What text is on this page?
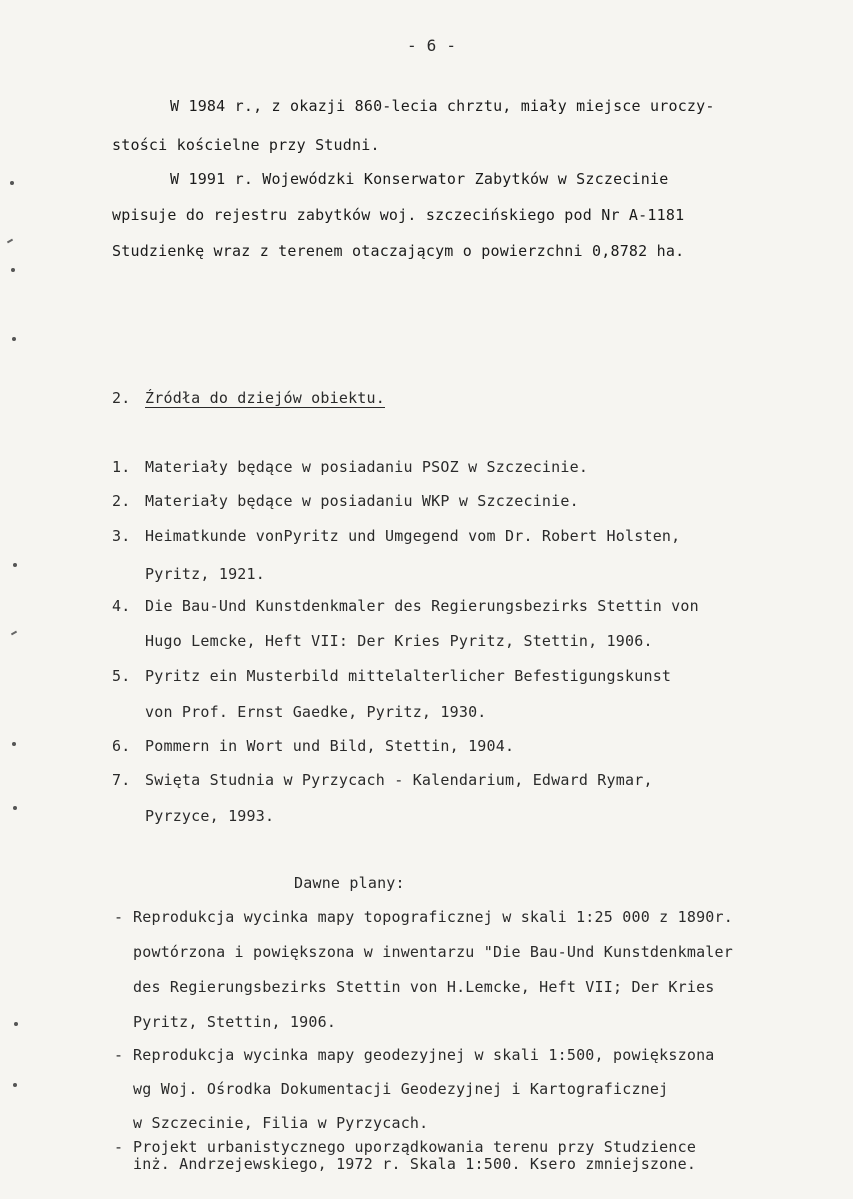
- 6 -
W 1984 r., z okazji 860-lecia chrztu, miały miejsce uroczy-
stości kościelne przy Studni.
W 1991 r. Wojewódzki Konserwator Zabytków w Szczecinie
wpisuje do rejestru zabytków woj. szczecińskiego pod Nr A-1181
Studzienkę wraz z terenem otaczającym o powierzchni 0,8782 ha.
2. Źródła do dziejów obiektu.
1. Materiały będące w posiadaniu PSOZ w Szczecinie.
2. Materiały będące w posiadaniu WKP w Szczecinie.
3. Heimatkunde vonPyritz und Umgegend vom Dr. Robert Holsten,
Pyritz, 1921.
4. Die Bau-Und Kunstdenkmaler des Regierungsbezirks Stettin von
Hugo Lemcke, Heft VII: Der Kries Pyritz, Stettin, 1906.
5. Pyritz ein Musterbild mittelalterlicher Befestigungskunst
von Prof. Ernst Gaedke, Pyritz, 1930.
6. Pommern in Wort und Bild, Stettin, 1904.
7. Swięta Studnia w Pyrzycach - Kalendarium, Edward Rymar,
Pyrzyce, 1993.
Dawne plany:
- Reprodukcja wycinka mapy topograficznej w skali 1:25 000 z 1890r.
powtórzona i powiększona w inwentarzu "Die Bau-Und Kunstdenkmaler
des Regierungsbezirks Stettin von H.Lemcke, Heft VII; Der Kries
Pyritz, Stettin, 1906.
- Reprodukcja wycinka mapy geodezyjnej w skali 1:500, powiększona
wg Woj. Ośrodka Dokumentacji Geodezyjnej i Kartograficznej
w Szczecinie, Filia w Pyrzycach.
- Projekt urbanistycznego uporządkowania terenu przy Studzience
inż. Andrzejewskiego, 1972 r. Skala 1:500. Ksero zmniejszone.
